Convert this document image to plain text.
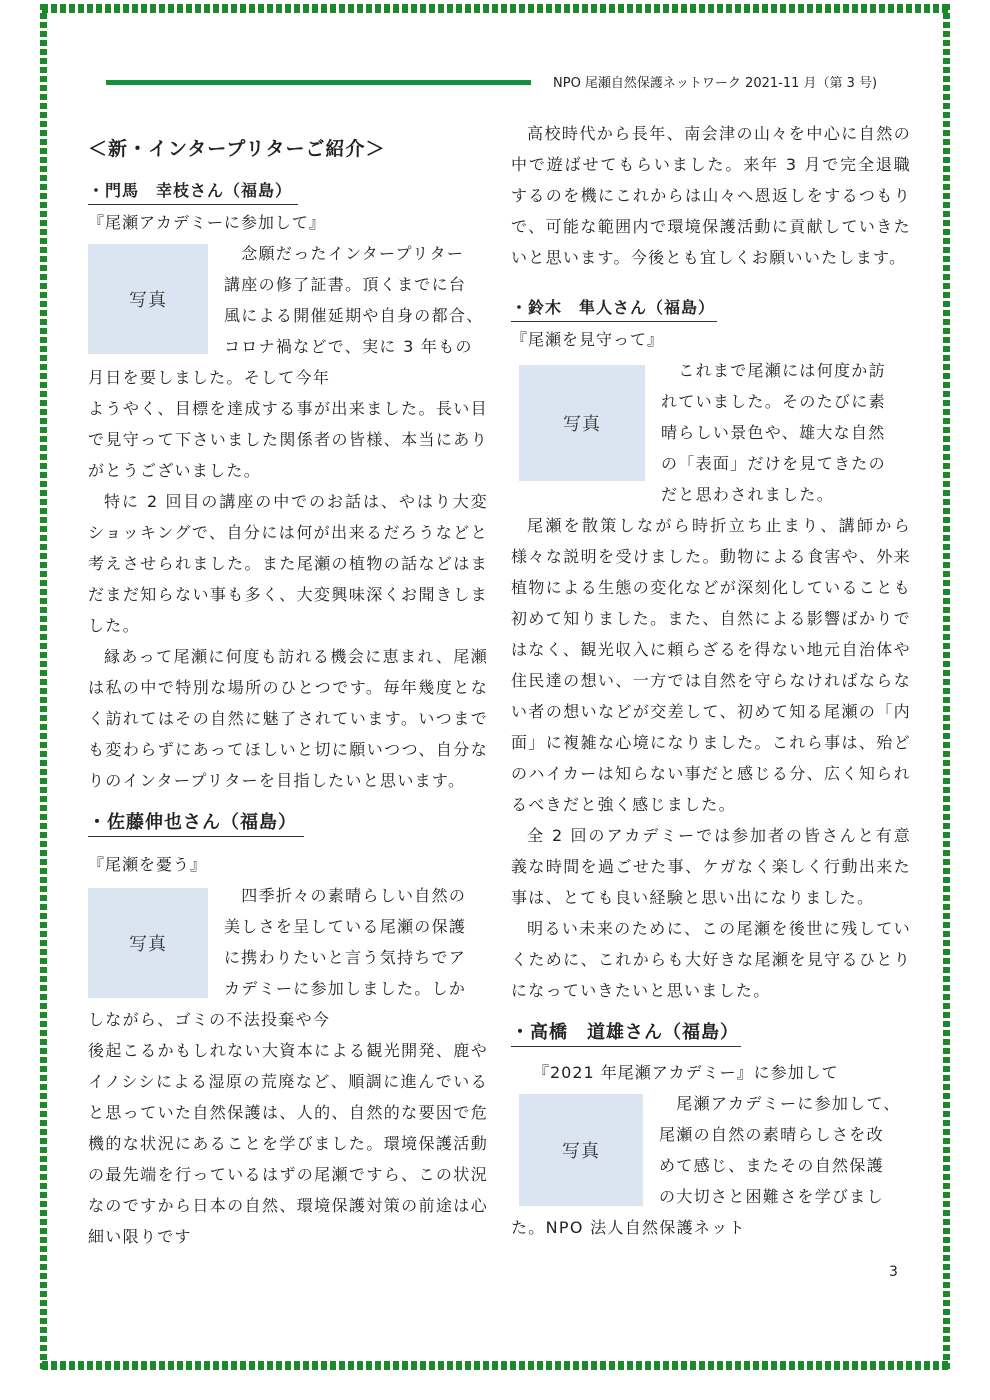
NPO 尾瀬自然保護ネットワーク 2021-11 月（第 3 号)
＜新・インタープリターご紹介＞
・門馬　幸枝さん（福島）

『尾瀬アカデミーに参加して』

写真

　念願だったインタープリター

講座の修了証書。頂くまでに台

風による開催延期や自身の都合、

コロナ禍などで、実に 3 年もの

月日を要しました。そして今年

ようやく、目標を達成する事が出来ました。長い目で見守って下さいました関係者の皆様、本当にありがとうございました。

特に 2 回目の講座の中でのお話は、やはり大変ショッキングで、自分には何が出来るだろうなどと考えさせられました。また尾瀬の植物の話などはまだまだ知らない事も多く、大変興味深くお聞きしました。

縁あって尾瀬に何度も訪れる機会に恵まれ、尾瀬は私の中で特別な場所のひとつです。毎年幾度となく訪れてはその自然に魅了されています。いつまでも変わらずにあってほしいと切に願いつつ、自分なりのインタープリターを目指したいと思います。

・佐藤伸也さん（福島）

『尾瀬を憂う』

写真

　四季折々の素晴らしい自然の

美しさを呈している尾瀬の保護

に携わりたいと言う気持ちでア

カデミーに参加しました。しか

しながら、ゴミの不法投棄や今

後起こるかもしれない大資本による観光開発、鹿やイノシシによる湿原の荒廃など、順調に進んでいると思っていた自然保護は、人的、自然的な要因で危機的な状況にあることを学びました。環境保護活動の最先端を行っているはずの尾瀬ですら、この状況なのですから日本の自然、環境保護対策の前途は心細い限りです

高校時代から長年、南会津の山々を中心に自然の中で遊ばせてもらいました。来年 3 月で完全退職するのを機にこれからは山々へ恩返しをするつもりで、可能な範囲内で環境保護活動に貢献していきたいと思います。今後とも宜しくお願いいたします。

・鈴木　隼人さん（福島）

『尾瀬を見守って』

写真

　これまで尾瀬には何度か訪

れていました。そのたびに素

晴らしい景色や、雄大な自然

の「表面」だけを見てきたの

だと思わされました。

尾瀬を散策しながら時折立ち止まり、講師から様々な説明を受けました。動物による食害や、外来植物による生態の変化などが深刻化していることも初めて知りました。また、自然による影響ばかりではなく、観光収入に頼らざるを得ない地元自治体や住民達の想い、一方では自然を守らなければならない者の想いなどが交差して、初めて知る尾瀬の「内面」に複雑な心境になりました。これら事は、殆どのハイカーは知らない事だと感じる分、広く知られるべきだと強く感じました。

全 2 回のアカデミーでは参加者の皆さんと有意義な時間を過ごせた事、ケガなく楽しく行動出来た事は、とても良い経験と思い出になりました。

明るい未来のために、この尾瀬を後世に残していくために、これからも大好きな尾瀬を見守るひとりになっていきたいと思いました。

・高橋　道雄さん（福島）

『2021 年尾瀬アカデミー』に参加して

写真

　尾瀬アカデミーに参加して、

尾瀬の自然の素晴らしさを改

めて感じ、またその自然保護

の大切さと困難さを学びまし

た。NPO 法人自然保護ネット

3
